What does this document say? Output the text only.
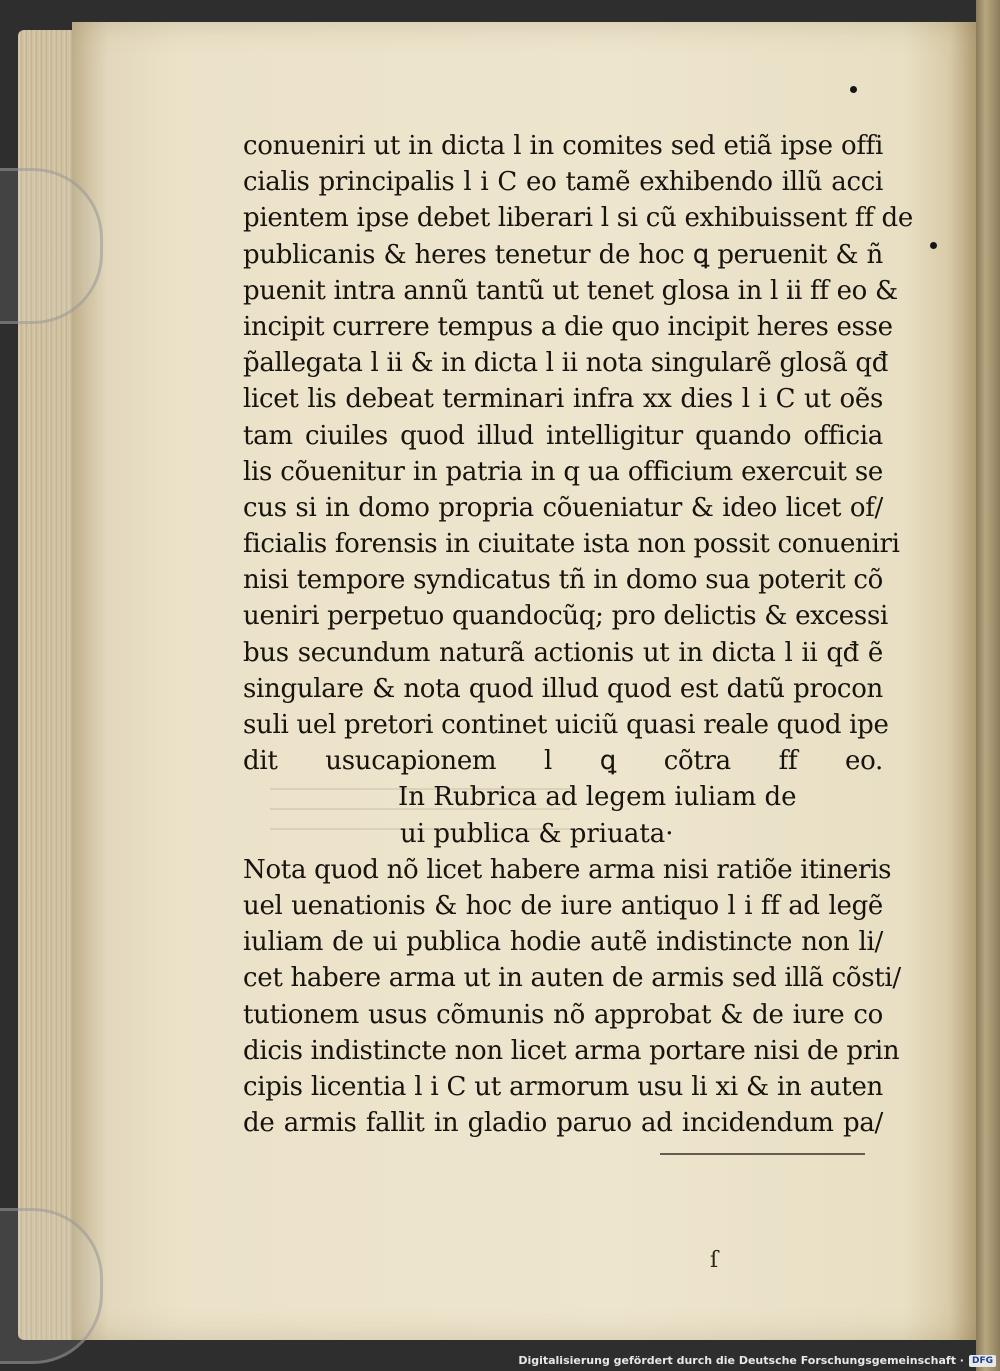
conueniri ut in dicta l in comites sed etiã ipse offi
cialis principalis l i C eo tamẽ exhibendo illũ acci
pientem ipse debet liberari l si cũ exhibuissent ff de
publicanis & heres tenetur de hoc ꝗ peruenit & ñ
puenit intra annũ tantũ ut tenet glosa in l ii ff eo &
incipit currere tempus a die quo incipit heres esse
p̃allegata l ii & in dicta l ii nota singularẽ glosã qđ
licet lis debeat terminari infra xx dies l i C ut oẽs
tam ciuiles quod illud intelligitur quando officia
lis cõuenitur in patria in q ua officium exercuit se
cus si in domo propria cõueniatur & ideo licet of/
ficialis forensis in ciuitate ista non possit conueniri
nisi tempore syndicatus tñ in domo sua poterit cõ
ueniri perpetuo quandocũq; pro delictis & excessi
bus secundum naturã actionis ut in dicta l ii qđ ẽ
singulare & nota quod illud quod est datũ procon
suli uel pretori continet uiciũ quasi reale quod ipe
dit usucapionem l ꝗ cõtra ff eo.
In Rubrica ad legem iuliam de
ui publica & priuata·
Nota quod nõ licet habere arma nisi ratiõe itineris
uel uenationis & hoc de iure antiquo l i ff ad legẽ
iuliam de ui publica hodie autẽ indistincte non li/
cet habere arma ut in auten de armis sed illã cõsti/
tutionem usus cõmunis nõ approbat & de iure co
dicis indistincte non licet arma portare nisi de prin
cipis licentia l i C ut armorum usu li xi & in auten
de armis fallit in gladio paruo ad incidendum pa/
ſ
Digitalisierung gefördert durch die Deutsche Forschungsgemeinschaft · DFG
